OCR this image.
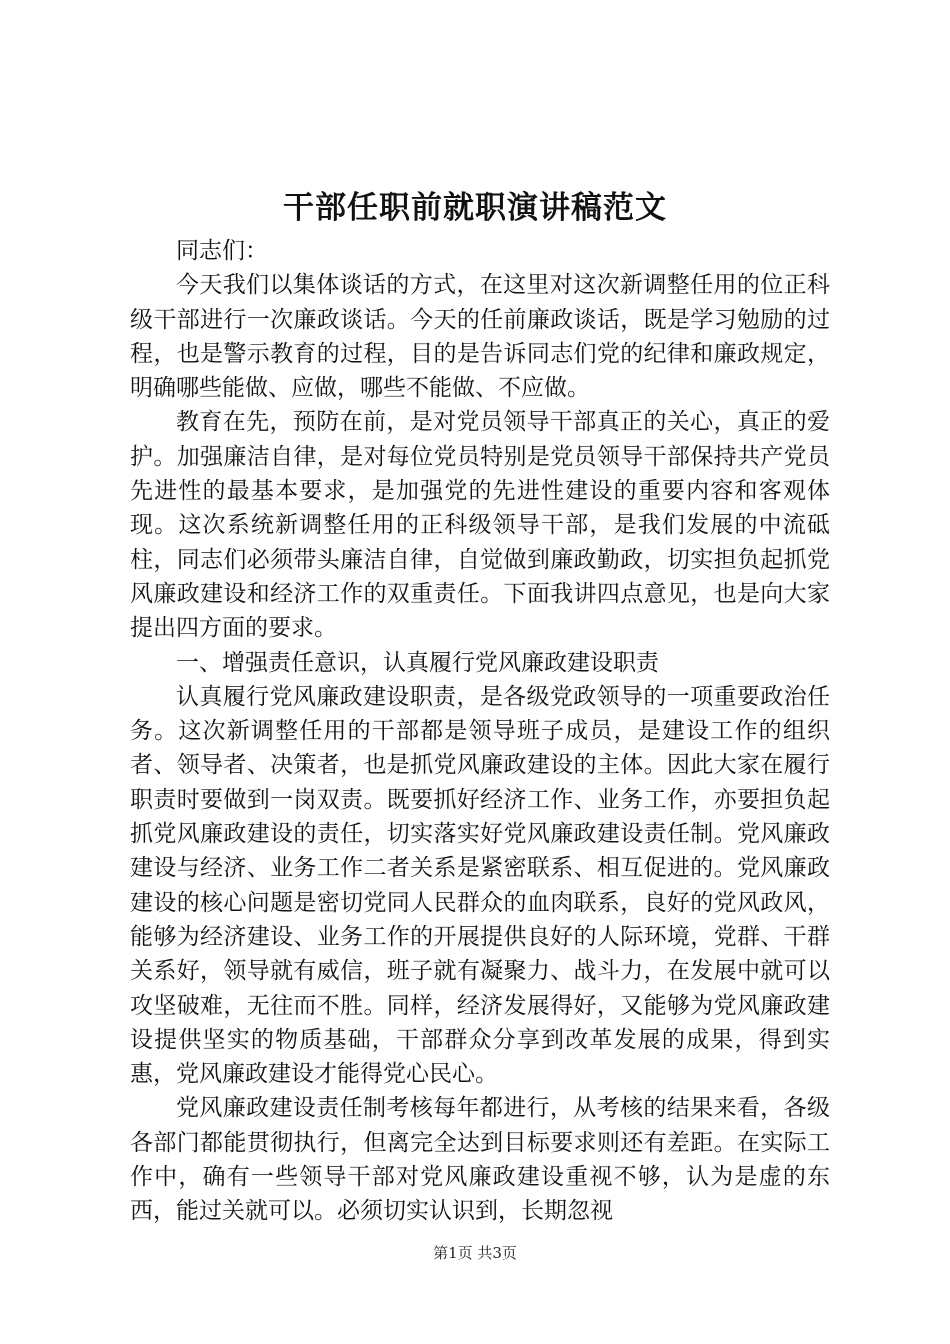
干部任职前就职演讲稿范文

同志们：

今天我们以集体谈话的方式，在这里对这次新调整任用的位正科级干部进行一次廉政谈话。今天的任前廉政谈话，既是学习勉励的过程，也是警示教育的过程，目的是告诉同志们党的纪律和廉政规定，明确哪些能做、应做，哪些不能做、不应做。

教育在先，预防在前，是对党员领导干部真正的关心，真正的爱护。加强廉洁自律，是对每位党员特别是党员领导干部保持共产党员先进性的最基本要求，是加强党的先进性建设的重要内容和客观体现。这次系统新调整任用的正科级领导干部，是我们发展的中流砥柱，同志们必须带头廉洁自律，自觉做到廉政勤政，切实担负起抓党风廉政建设和经济工作的双重责任。下面我讲四点意见，也是向大家提出四方面的要求。

一、增强责任意识，认真履行党风廉政建设职责

认真履行党风廉政建设职责，是各级党政领导的一项重要政治任务。这次新调整任用的干部都是领导班子成员，是建设工作的组织者、领导者、决策者，也是抓党风廉政建设的主体。因此大家在履行职责时要做到一岗双责。既要抓好经济工作、业务工作，亦要担负起抓党风廉政建设的责任，切实落实好党风廉政建设责任制。党风廉政建设与经济、业务工作二者关系是紧密联系、相互促进的。党风廉政建设的核心问题是密切党同人民群众的血肉联系，良好的党风政风，能够为经济建设、业务工作的开展提供良好的人际环境，党群、干群关系好，领导就有威信，班子就有凝聚力、战斗力，在发展中就可以攻坚破难，无往而不胜。同样，经济发展得好，又能够为党风廉政建设提供坚实的物质基础，干部群众分享到改革发展的成果，得到实惠，党风廉政建设才能得党心民心。

党风廉政建设责任制考核每年都进行，从考核的结果来看，各级各部门都能贯彻执行，但离完全达到目标要求则还有差距。在实际工作中，确有一些领导干部对党风廉政建设重视不够，认为是虚的东西，能过关就可以。必须切实认识到，长期忽视

第1页 共3页
